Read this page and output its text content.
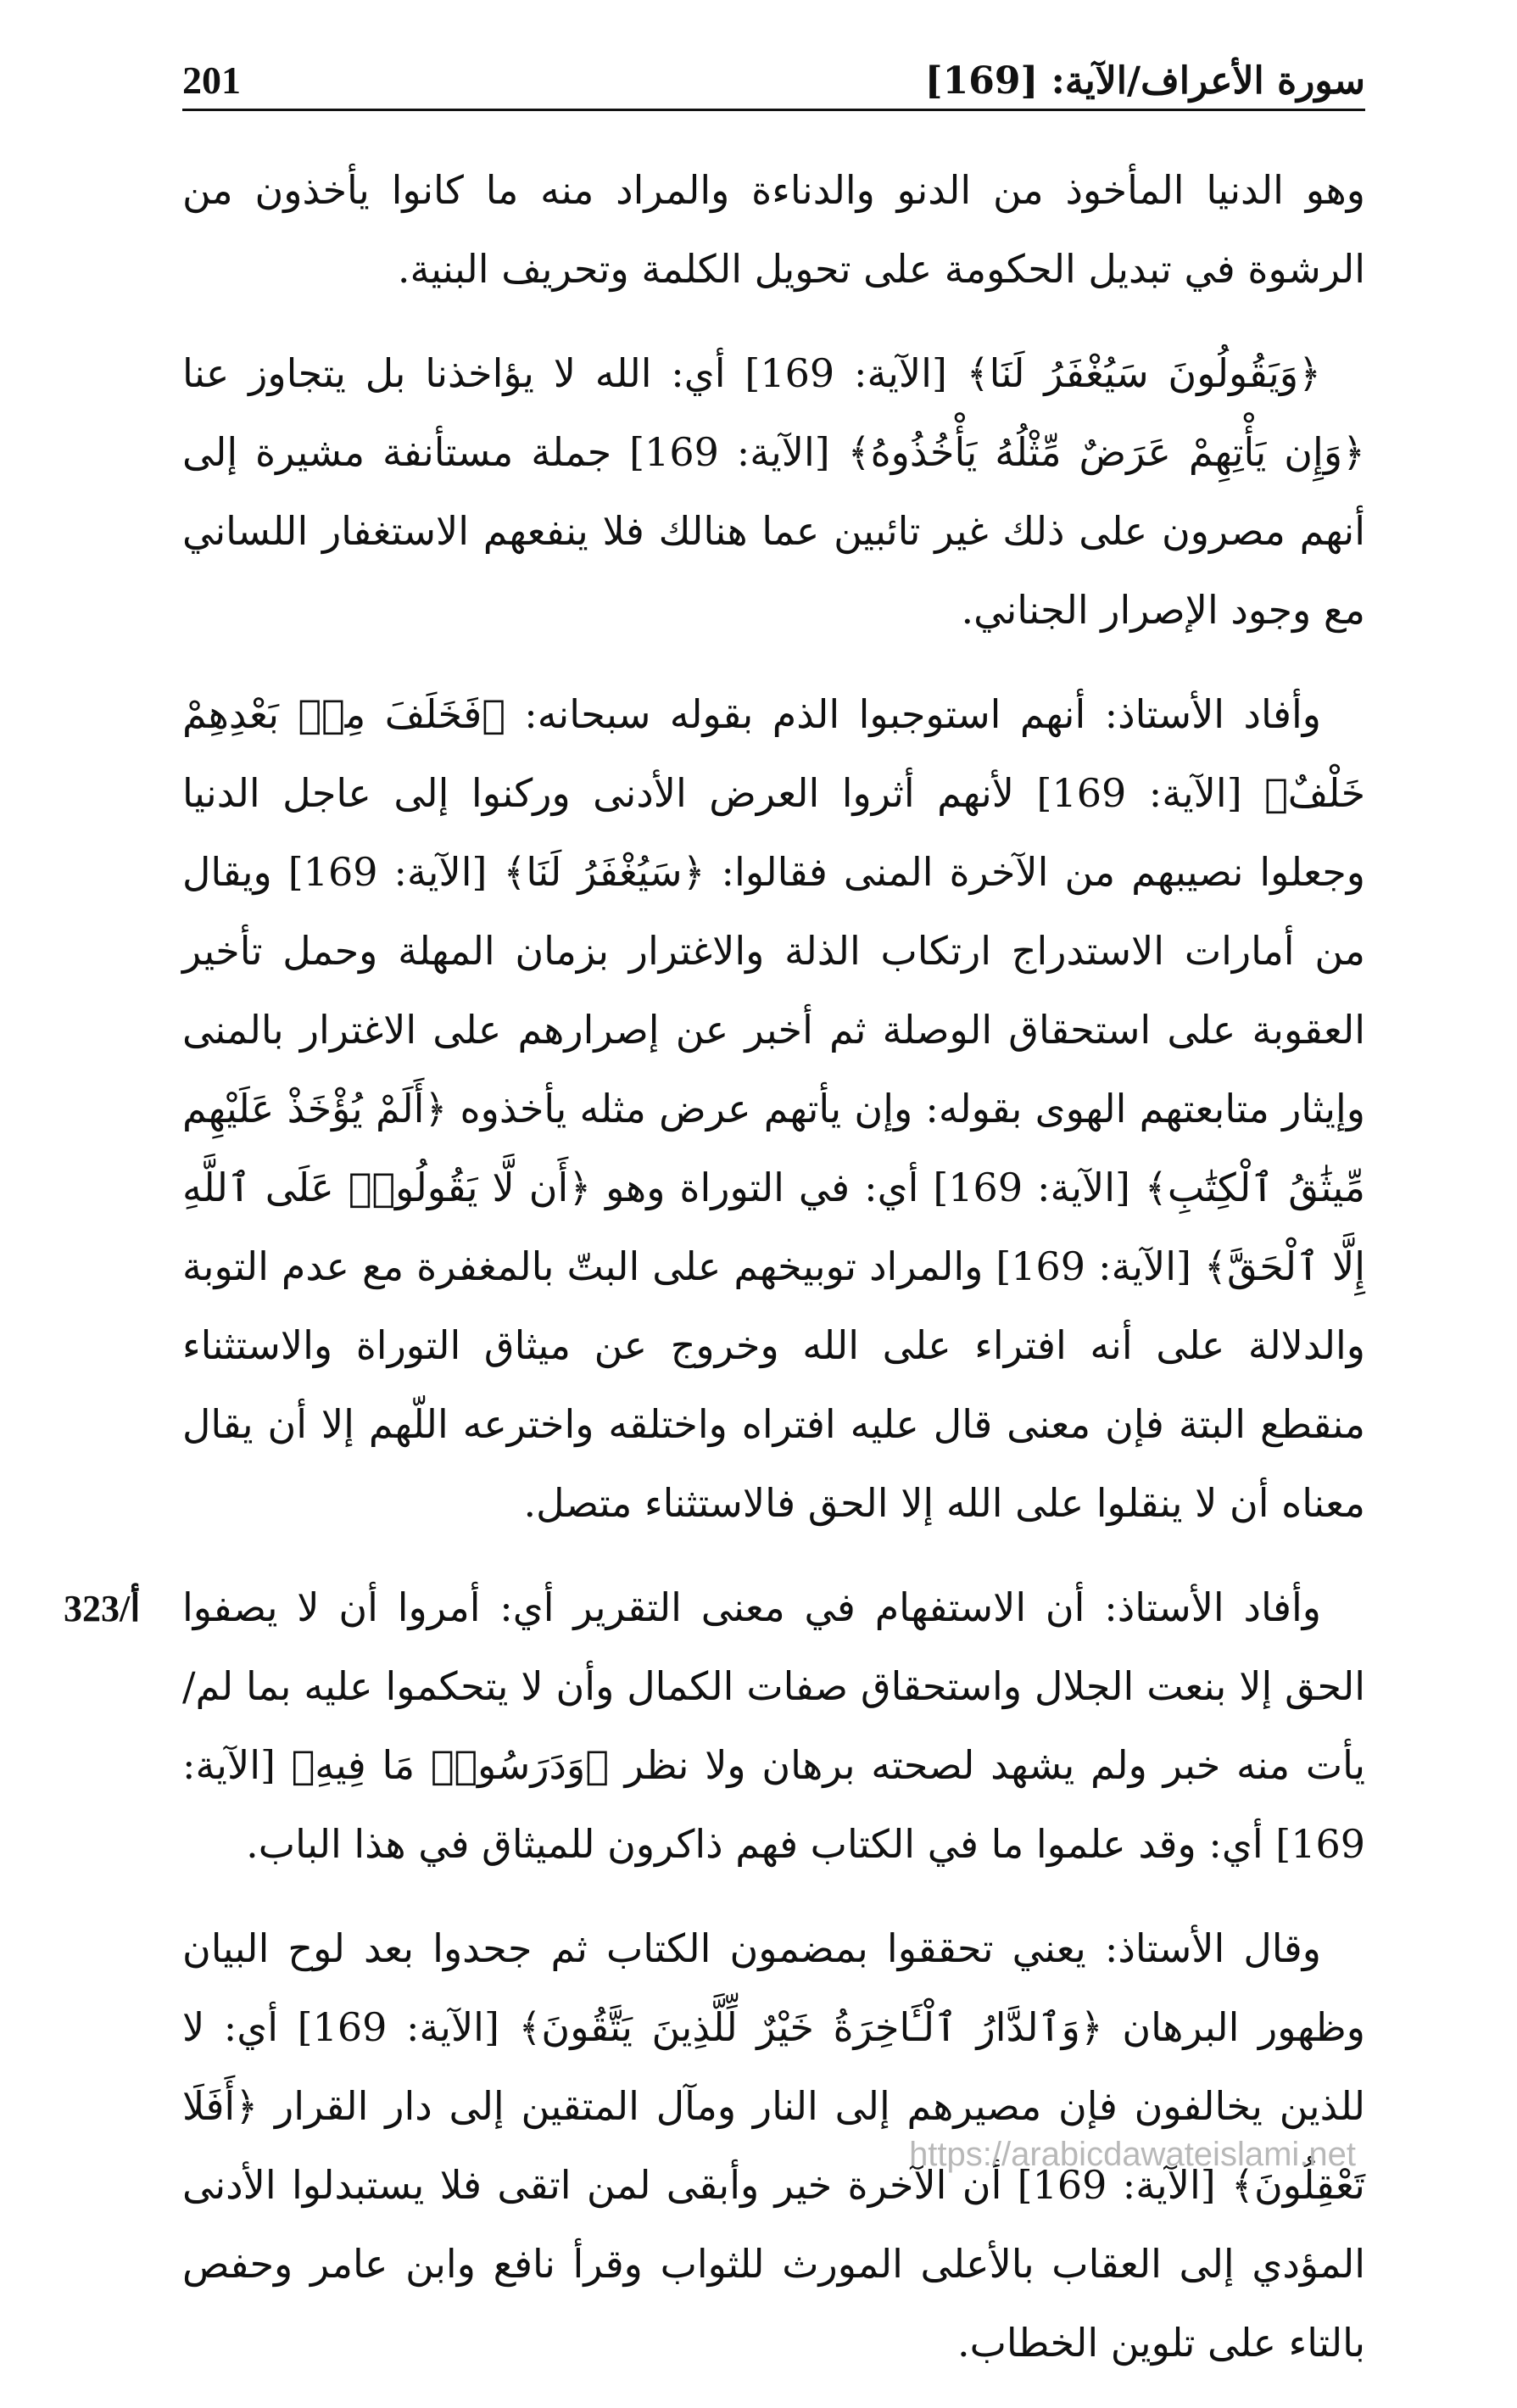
سورة الأعراف/الآية: [169]
201

وهو الدنيا المأخوذ من الدنو والدناءة والمراد منه ما كانوا يأخذون من الرشوة في تبديل الحكومة على تحويل الكلمة وتحريف البنية.

﴿وَيَقُولُونَ سَيُغْفَرُ لَنَا﴾ [الآية: 169] أي: الله لا يؤاخذنا بل يتجاوز عنا ﴿وَإِن يَأْتِهِمْ عَرَضٌ مِّثْلُهُ يَأْخُذُوهُ﴾ [الآية: 169] جملة مستأنفة مشيرة إلى أنهم مصرون على ذلك غير تائبين عما هنالك فلا ينفعهم الاستغفار اللساني مع وجود الإصرار الجناني.

وأفاد الأستاذ: أنهم استوجبوا الذم بقوله سبحانه: ﴿فَخَلَفَ مِنۢ بَعْدِهِمْ خَلْفٌ﴾ [الآية: 169] لأنهم أثروا العرض الأدنى وركنوا إلى عاجل الدنيا وجعلوا نصيبهم من الآخرة المنى فقالوا: ﴿سَيُغْفَرُ لَنَا﴾ [الآية: 169] ويقال من أمارات الاستدراج ارتكاب الذلة والاغترار بزمان المهلة وحمل تأخير العقوبة على استحقاق الوصلة ثم أخبر عن إصرارهم على الاغترار بالمنى وإيثار متابعتهم الهوى بقوله: وإن يأتهم عرض مثله يأخذوه ﴿أَلَمْ يُؤْخَذْ عَلَيْهِم مِّيثَٰقُ ٱلْكِتَٰبِ﴾ [الآية: 169] أي: في التوراة وهو ﴿أَن لَّا يَقُولُوا۟ عَلَى ٱللَّهِ إِلَّا ٱلْحَقَّ﴾ [الآية: 169] والمراد توبيخهم على البتّ بالمغفرة مع عدم التوبة والدلالة على أنه افتراء على الله وخروج عن ميثاق التوراة والاستثناء منقطع البتة فإن معنى قال عليه افتراه واختلقه واخترعه اللّهم إلا أن يقال معناه أن لا ينقلوا على الله إلا الحق فالاستثناء متصل.

وأفاد الأستاذ: أن الاستفهام في معنى التقرير أي: أمروا أن لا يصفوا الحق إلا بنعت الجلال واستحقاق صفات الكمال وأن لا يتحكموا عليه بما لم/ يأت منه خبر ولم يشهد لصحته برهان ولا نظر ﴿وَدَرَسُوا۟ مَا فِيهِ﴾ [الآية: 169] أي: وقد علموا ما في الكتاب فهم ذاكرون للميثاق في هذا الباب.

وقال الأستاذ: يعني تحققوا بمضمون الكتاب ثم جحدوا بعد لوح البيان وظهور البرهان ﴿وَٱلدَّارُ ٱلْـَٔاخِرَةُ خَيْرٌ لِّلَّذِينَ يَتَّقُونَ﴾ [الآية: 169] أي: لا للذين يخالفون فإن مصيرهم إلى النار ومآل المتقين إلى دار القرار ﴿أَفَلَا تَعْقِلُونَ﴾ [الآية: 169] أن الآخرة خير وأبقى لمن اتقى فلا يستبدلوا الأدنى المؤدي إلى العقاب بالأعلى المورث للثواب وقرأ نافع وابن عامر وحفص بالتاء على تلوين الخطاب.

323/أ
https://arabicdawateislami.net
